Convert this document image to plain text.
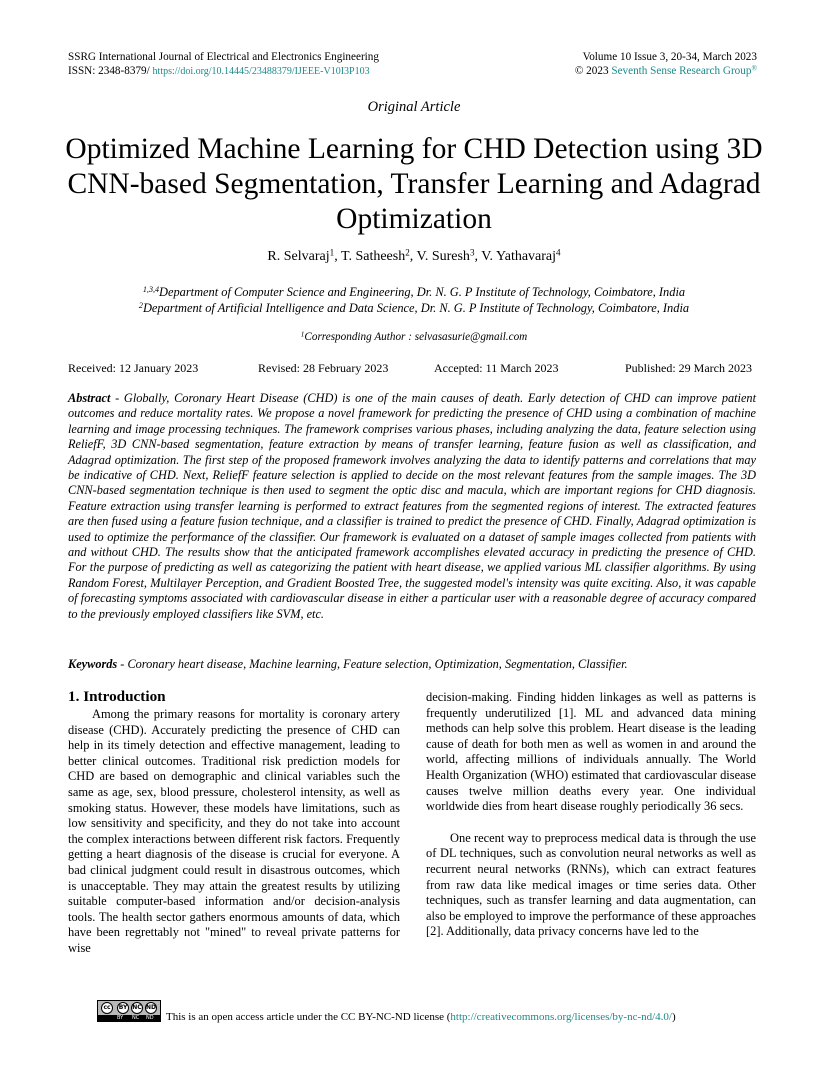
SSRG International Journal of Electrical and Electronics Engineering
ISSN: 2348-8379/ https://doi.org/10.14445/23488379/IJEEE-V10I3P103
Volume 10 Issue 3, 20-34, March 2023
© 2023 Seventh Sense Research Group®
Original Article
Optimized Machine Learning for CHD Detection using 3D CNN-based Segmentation, Transfer Learning and Adagrad Optimization
R. Selvaraj$^1$, T. Satheesh$^2$, V. Suresh$^3$, V. Yathavaraj$^4$
$^{1,3,4}$Department of Computer Science and Engineering, Dr. N. G. P Institute of Technology, Coimbatore, India
$^2$Department of Artificial Intelligence and Data Science, Dr. N. G. P Institute of Technology, Coimbatore, India
$^1$Corresponding Author : selvasasurie@gmail.com
Received: 12 January 2023	Revised: 28 February 2023	Accepted: 11 March 2023	Published: 29 March 2023
Abstract - Globally, Coronary Heart Disease (CHD) is one of the main causes of death. Early detection of CHD can improve patient outcomes and reduce mortality rates. We propose a novel framework for predicting the presence of CHD using a combination of machine learning and image processing techniques. The framework comprises various phases, including analyzing the data, feature selection using ReliefF, 3D CNN-based segmentation, feature extraction by means of transfer learning, feature fusion as well as classification, and Adagrad optimization. The first step of the proposed framework involves analyzing the data to identify patterns and correlations that may be indicative of CHD. Next, ReliefF feature selection is applied to decide on the most relevant features from the sample images. The 3D CNN-based segmentation technique is then used to segment the optic disc and macula, which are important regions for CHD diagnosis. Feature extraction using transfer learning is performed to extract features from the segmented regions of interest. The extracted features are then fused using a feature fusion technique, and a classifier is trained to predict the presence of CHD. Finally, Adagrad optimization is used to optimize the performance of the classifier. Our framework is evaluated on a dataset of sample images collected from patients with and without CHD. The results show that the anticipated framework accomplishes elevated accuracy in predicting the presence of CHD. For the purpose of predicting as well as categorizing the patient with heart disease, we applied various ML classifier algorithms. By using Random Forest, Multilayer Perception, and Gradient Boosted Tree, the suggested model's intensity was quite exciting. Also, it was capable of forecasting symptoms associated with cardiovascular disease in either a particular user with a reasonable degree of accuracy compared to the previously employed classifiers like SVM, etc.
Keywords - Coronary heart disease, Machine learning, Feature selection, Optimization, Segmentation, Classifier.
1. Introduction

Among the primary reasons for mortality is coronary artery disease (CHD). Accurately predicting the presence of CHD can help in its timely detection and effective management, leading to better clinical outcomes. Traditional risk prediction models for CHD are based on demographic and clinical variables such the same as age, sex, blood pressure, cholesterol intensity, as well as smoking status. However, these models have limitations, such as low sensitivity and specificity, and they do not take into account the complex interactions between different risk factors. Frequently getting a heart diagnosis of the disease is crucial for everyone. A bad clinical judgment could result in disastrous outcomes, which is unacceptable. They may attain the greatest results by utilizing suitable computer-based information and/or decision-analysis tools. The health sector gathers enormous amounts of data, which have been regrettably not "mined" to reveal private patterns for wise

decision-making. Finding hidden linkages as well as patterns is frequently underutilized [1]. ML and advanced data mining methods can help solve this problem. Heart disease is the leading cause of death for both men as well as women in and around the world, affecting millions of individuals annually. The World Health Organization (WHO) estimated that cardiovascular disease causes twelve million deaths every year. One individual worldwide dies from heart disease roughly periodically 36 secs.

One recent way to preprocess medical data is through the use of DL techniques, such as convolution neural networks as well as recurrent neural networks (RNNs), which can extract features from raw data like medical images or time series data. Other techniques, such as transfer learning and data augmentation, can also be employed to improve the performance of these approaches [2]. Additionally, data privacy concerns have led to the

cc	BY NC ND
BY NC ND This is an open access article under the CC BY-NC-ND license (http://creativecommons.org/licenses/by-nc-nd/4.0/)
